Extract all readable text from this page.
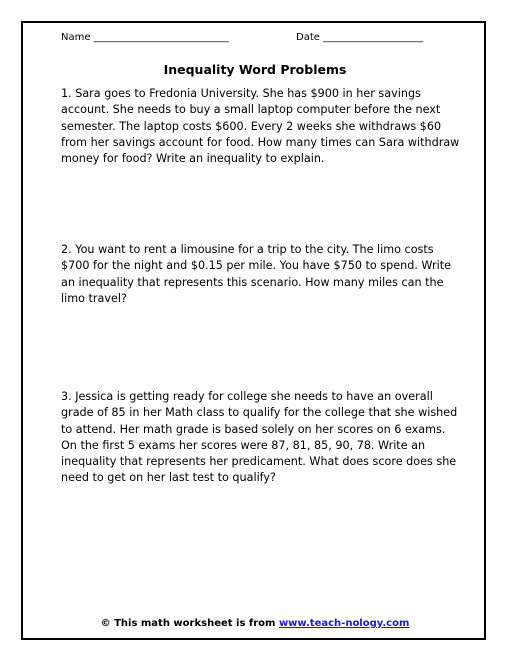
Name ___________________________	Date ____________________
Inequality Word Problems

1. Sara goes to Fredonia University. She has $900 in her savings account. She needs to buy a small laptop computer before the next semester. The laptop costs $600. Every 2 weeks she withdraws $60 from her savings account for food. How many times can Sara withdraw money for food? Write an inequality to explain.

2. You want to rent a limousine for a trip to the city. The limo costs $700 for the night and $0.15 per mile. You have $750 to spend. Write an inequality that represents this scenario. How many miles can the limo travel?

3. Jessica is getting ready for college she needs to have an overall grade of 85 in her Math class to qualify for the college that she wished to attend. Her math grade is based solely on her scores on 6 exams. On the first 5 exams her scores were 87, 81, 85, 90, 78. Write an inequality that represents her predicament. What does score does she need to get on her last test to qualify?

© This math worksheet is from www.teach-nology.com
